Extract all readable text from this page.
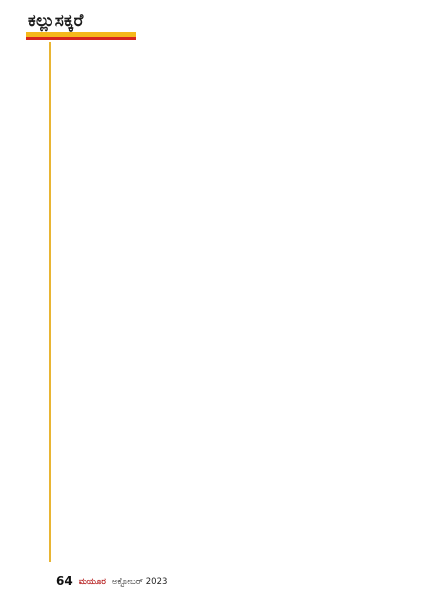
ಕಲ್ಲುಸಕ್ಕರೆ
64 ಮಯೂರ ಅಕ್ಟೋಬರ್ 2023
